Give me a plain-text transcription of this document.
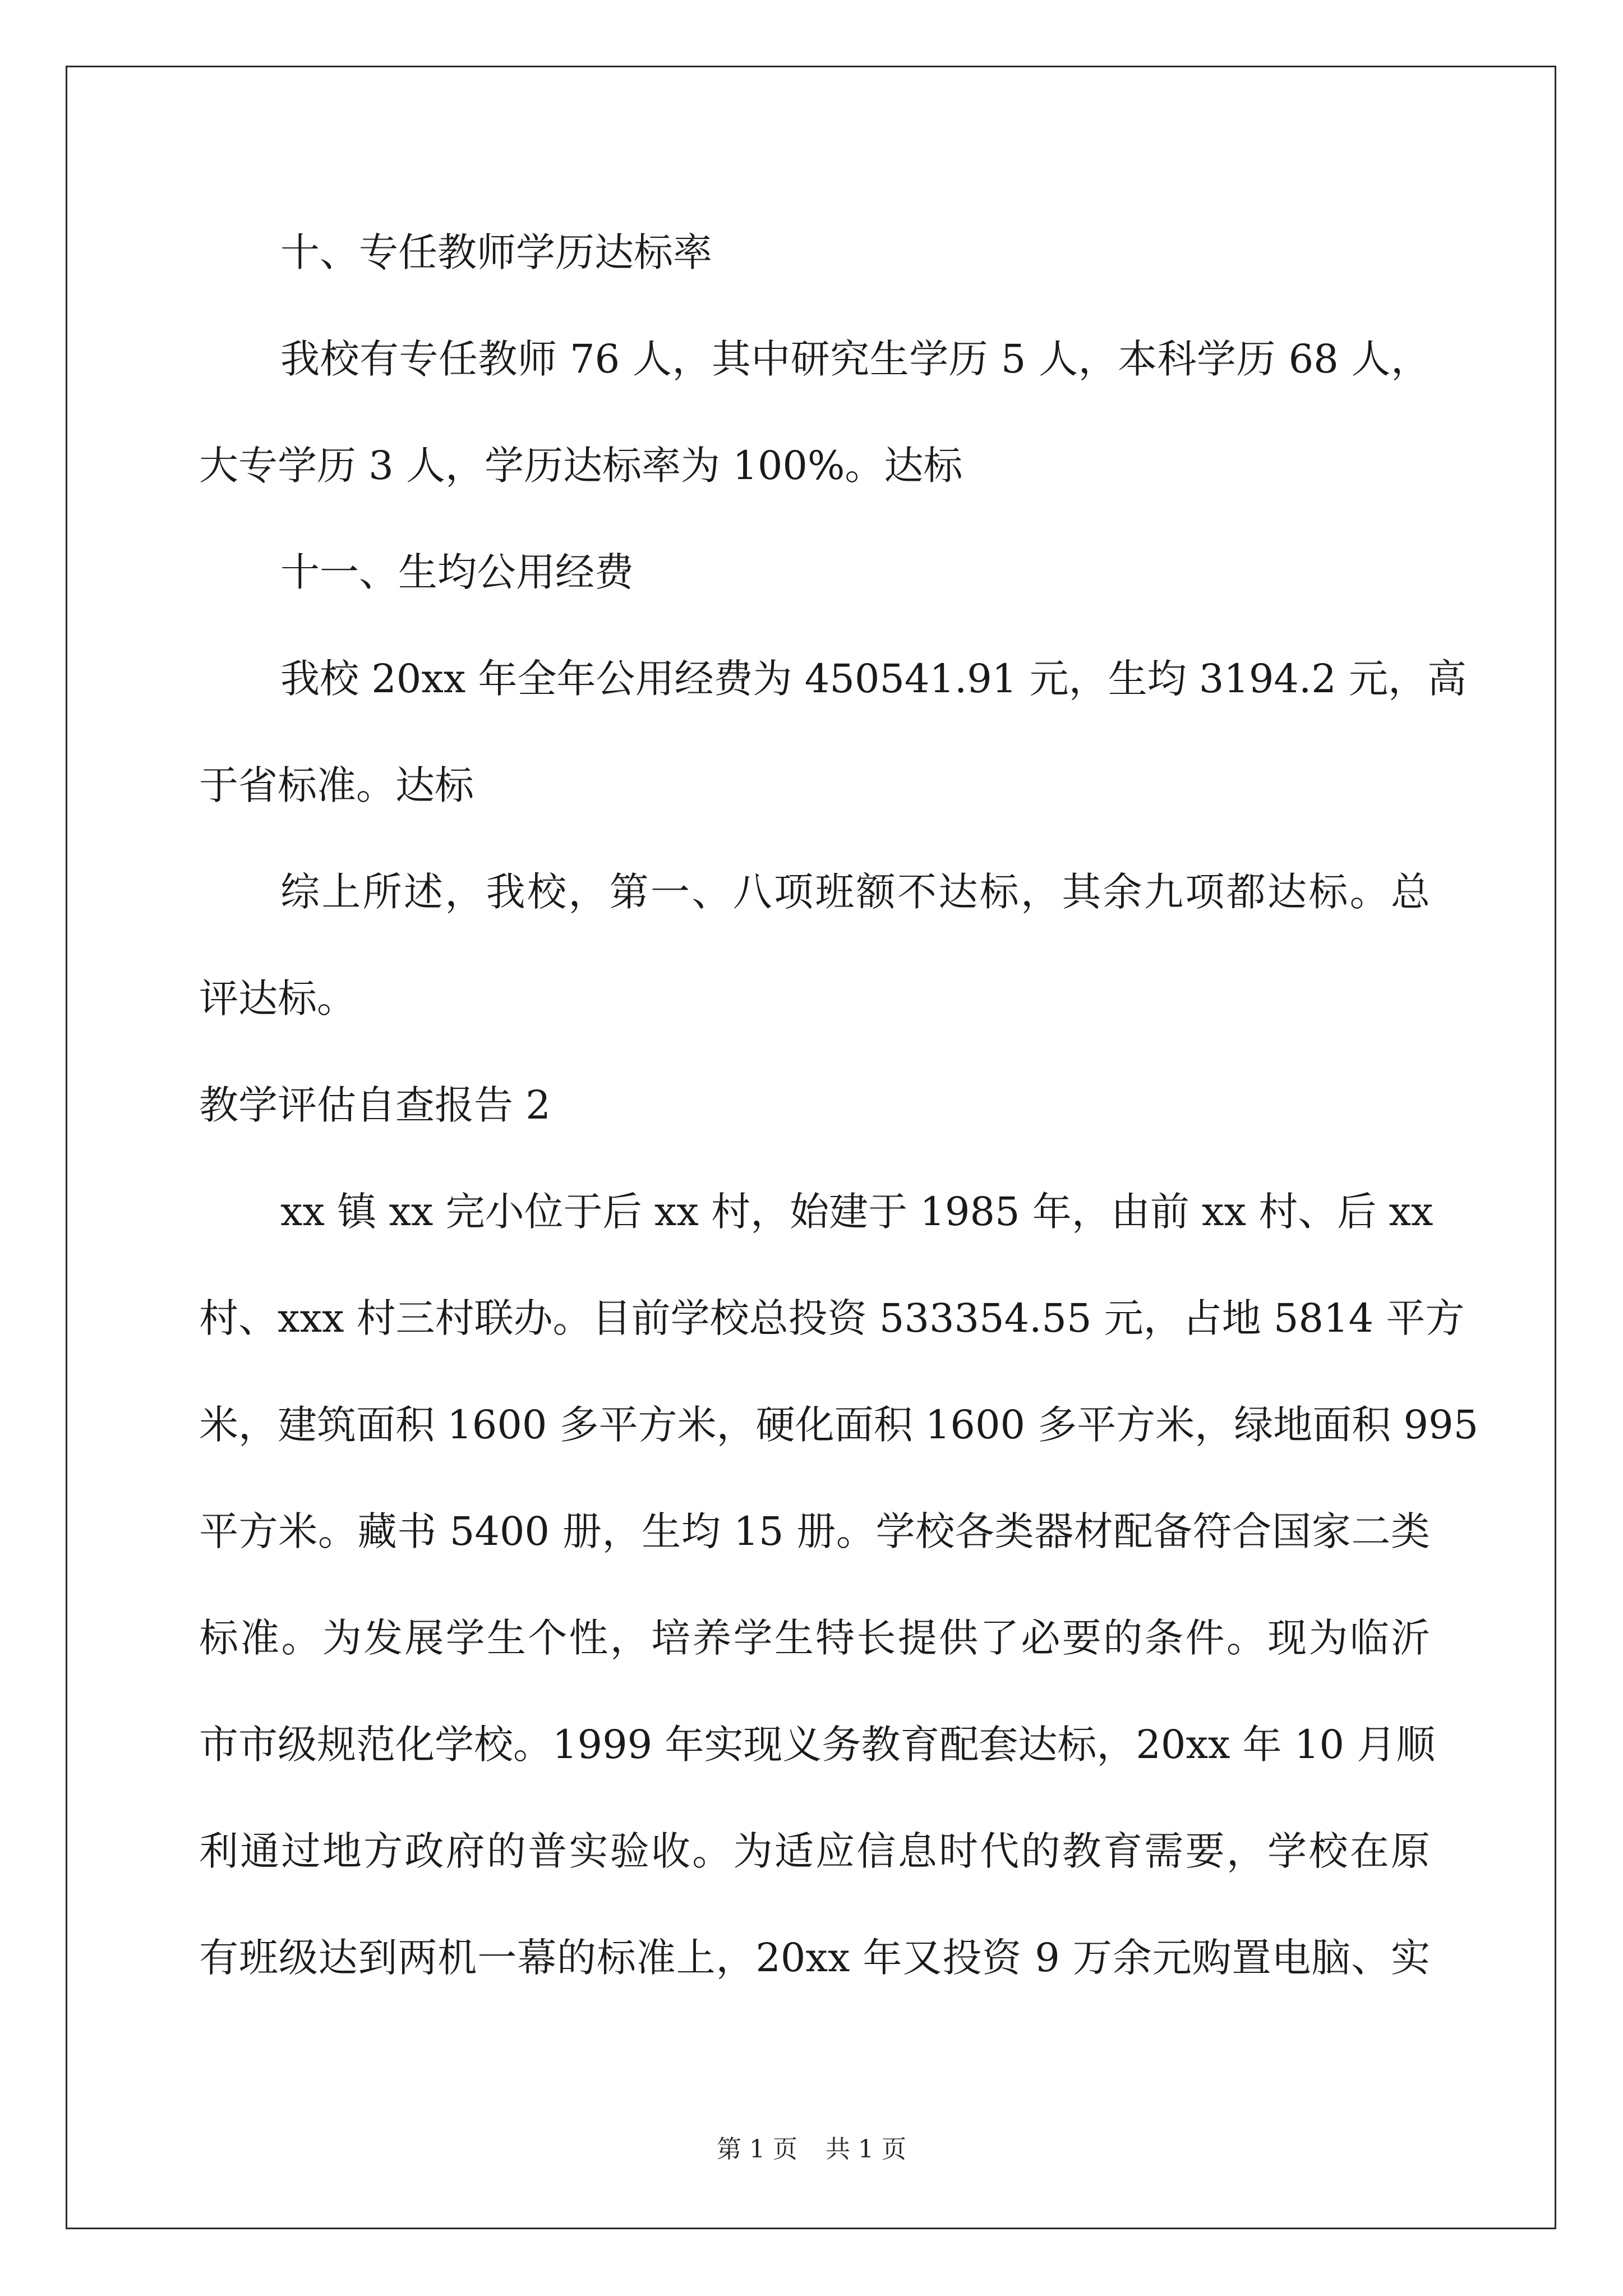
十、专任教师学历达标率
我校有专任教师 76 人，其中研究生学历 5 人，本科学历 68 人，
大专学历 3 人，学历达标率为 100%。达标
十一、生均公用经费
我校 20xx 年全年公用经费为 450541.91 元，生均 3194.2 元，高
于省标准。达标
综上所述，我校，第一、八项班额不达标，其余九项都达标。总
评达标。
教学评估自查报告 2
xx 镇 xx 完小位于后 xx 村，始建于 1985 年，由前 xx 村、后 xx
村、xxx 村三村联办。目前学校总投资 533354.55 元，占地 5814 平方
米，建筑面积 1600 多平方米，硬化面积 1600 多平方米，绿地面积 995
平方米。藏书 5400 册，生均 15 册。学校各类器材配备符合国家二类
标准。为发展学生个性，培养学生特长提供了必要的条件。现为临沂
市市级规范化学校。1999 年实现义务教育配套达标，20xx 年 10 月顺
利通过地方政府的普实验收。为适应信息时代的教育需要，学校在原
有班级达到两机一幕的标准上，20xx 年又投资 9 万余元购置电脑、实
第 1 页 共 1 页
